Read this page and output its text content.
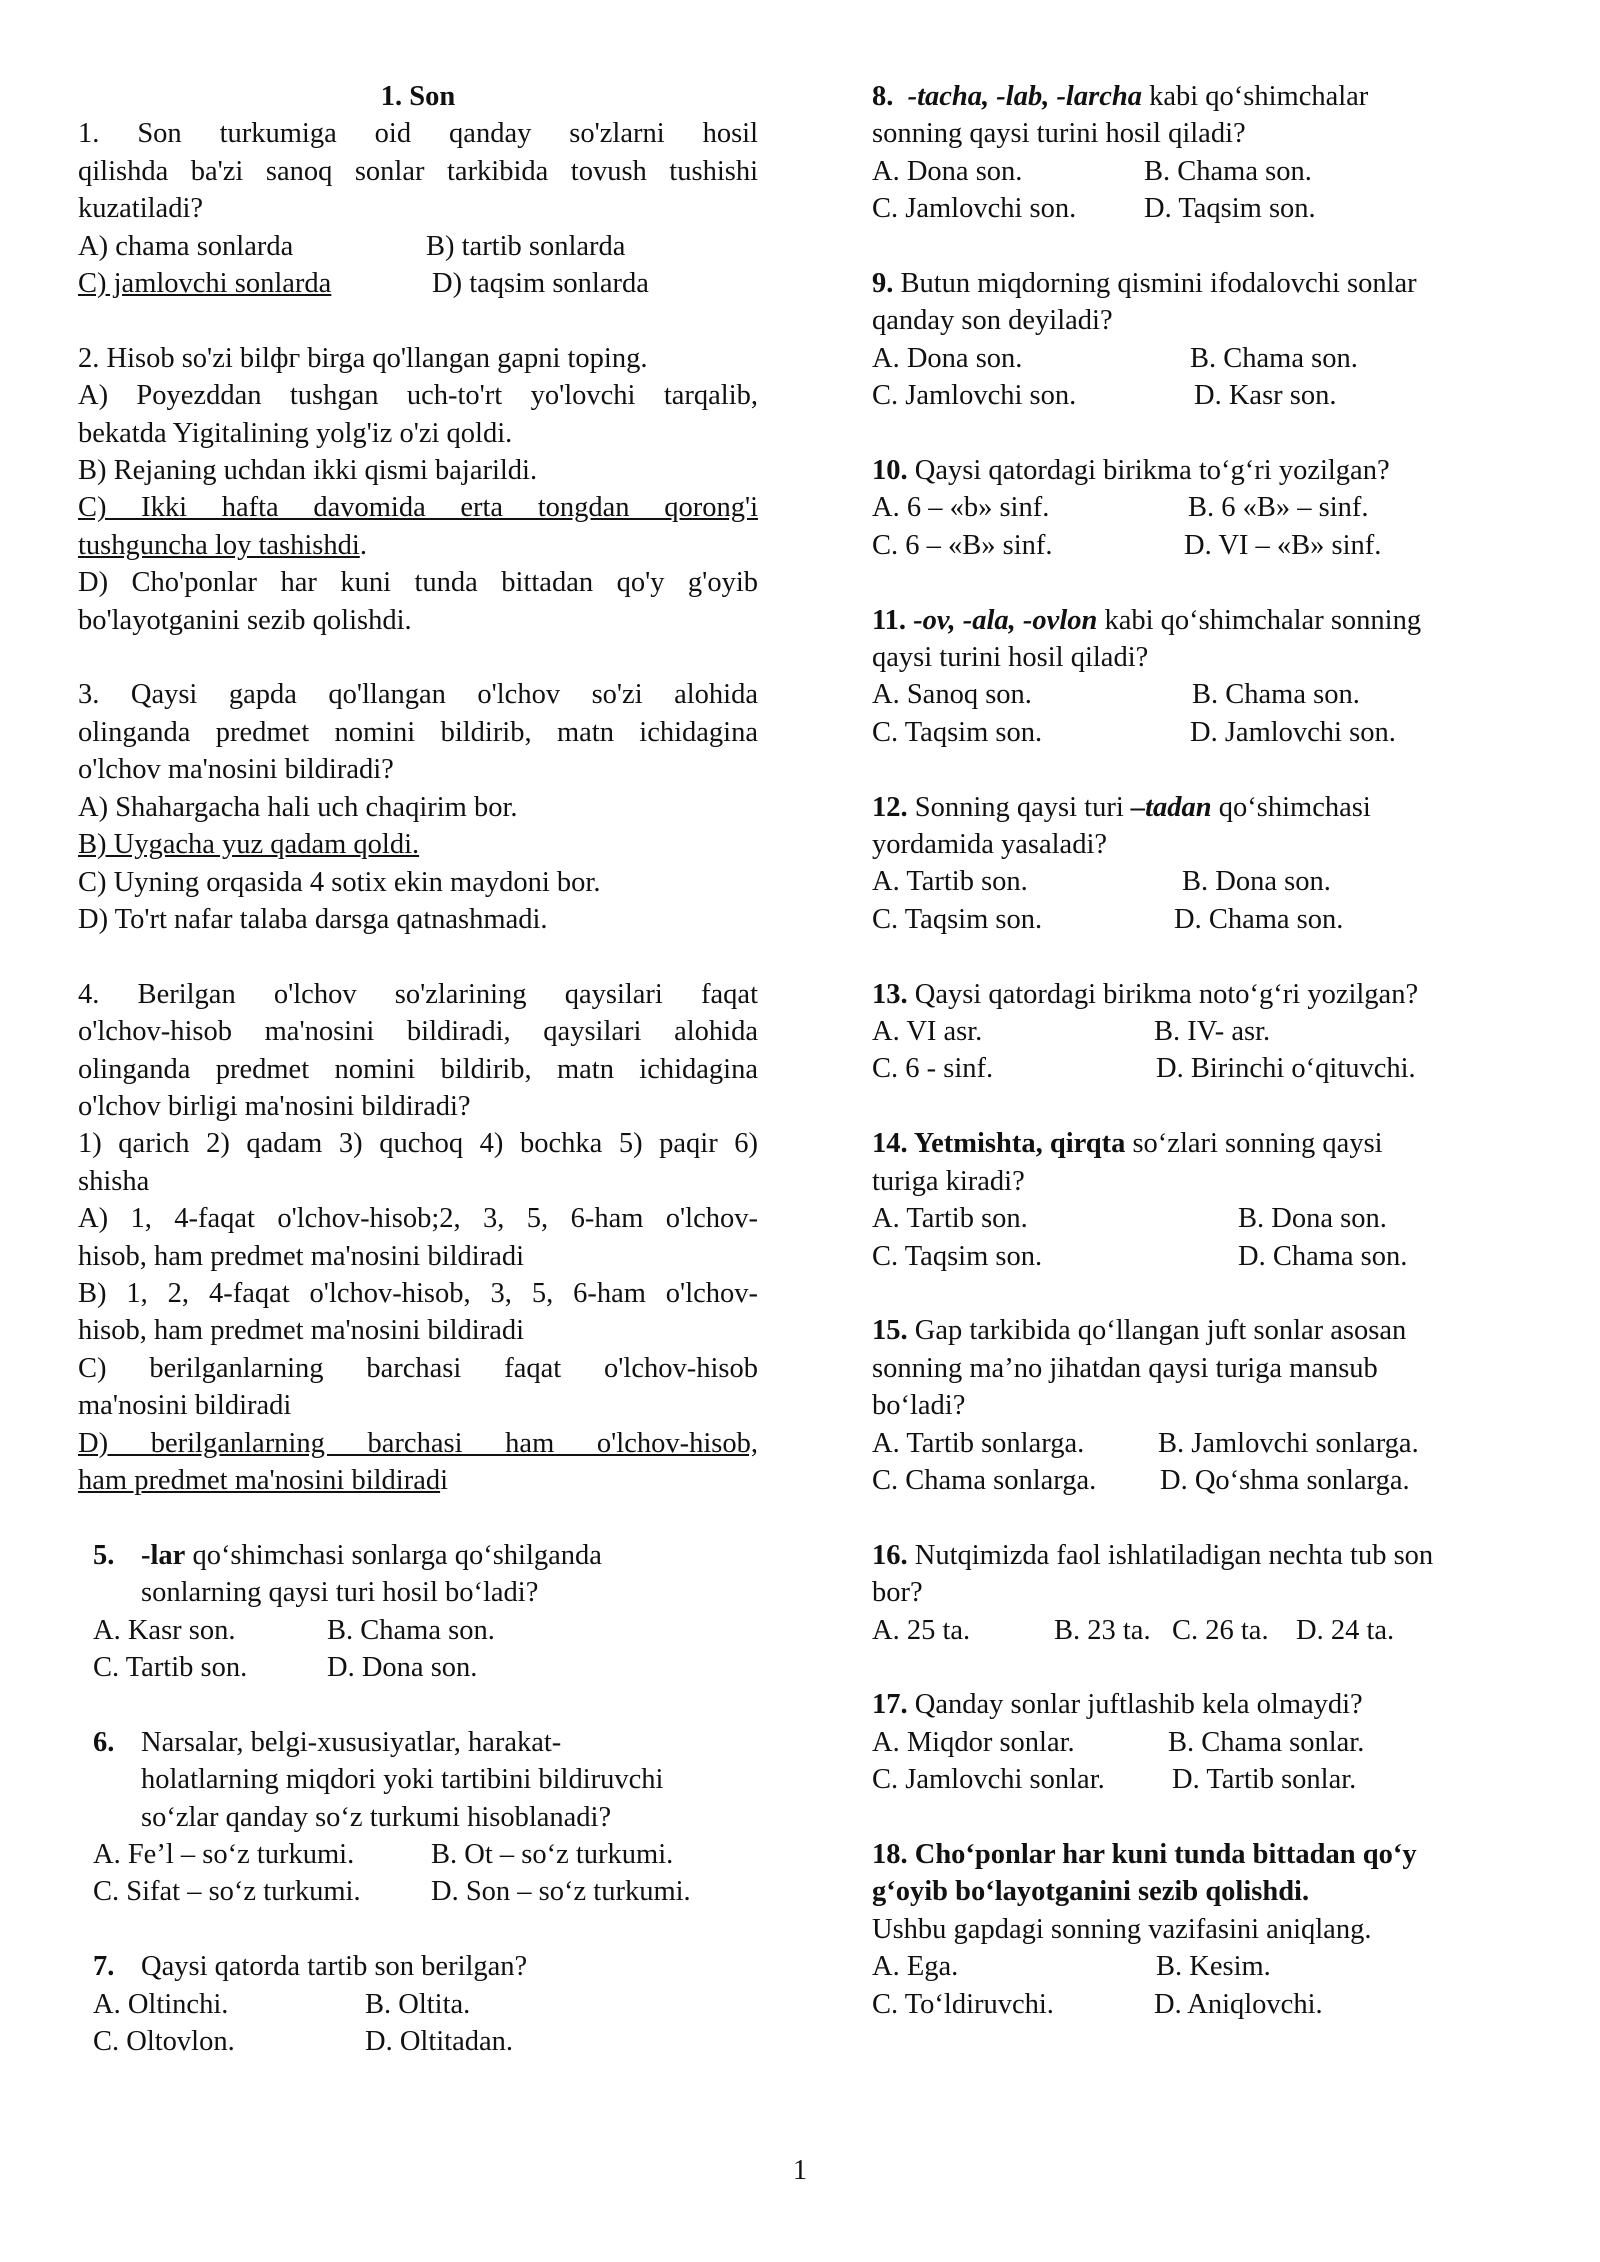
1. Son
1. Son turkumiga oid qanday so'zlarni hosil
qilishda ba'zi sanoq sonlar tarkibida tovush tushishi
kuzatiladi?
A) chama sonlarda	B) tartib sonlarda
C) jamlovchi sonlarda	D) taqsim sonlarda
2. Hisob so'zi bilфг birga qo'llangan gapni toping.
A) Poyezddan tushgan uch-to'rt yo'lovchi tarqalib,
bekatda Yigitalining yolg'iz o'zi qoldi.
B) Rejaning uchdan ikki qismi bajarildi.
C) Ikki hafta davomida erta tongdan qorong'i
tushguncha loy tashishdi.
D) Cho'ponlar har kuni tunda bittadan qo'y g'oyib
bo'layotganini sezib qolishdi.
3. Qaysi gapda qo'llangan o'lchov so'zi alohida
olinganda predmet nomini bildirib, matn ichidagina
o'lchov ma'nosini bildiradi?
A) Shahargacha hali uch chaqirim bor.
B) Uygacha yuz qadam qoldi.
C) Uyning orqasida 4 sotix ekin maydoni bor.
D) To'rt nafar talaba darsga qatnashmadi.
4. Berilgan o'lchov so'zlarining qaysilari faqat
o'lchov-hisob ma'nosini bildiradi, qaysilari alohida
olinganda predmet nomini bildirib, matn ichidagina
o'lchov birligi ma'nosini bildiradi?
1) qarich 2) qadam 3) quchoq 4) bochka 5) paqir 6)
shisha
A) 1, 4-faqat o'lchov-hisob;2, 3, 5, 6-ham o'lchov-
hisob, ham predmet ma'nosini bildiradi
B) 1, 2, 4-faqat o'lchov-hisob, 3, 5, 6-ham o'lchov-
hisob, ham predmet ma'nosini bildiradi
C) berilganlarning barchasi faqat o'lchov-hisob
ma'nosini bildiradi
D) berilganlarning barchasi ham o'lchov-hisob,
ham predmet ma'nosini bildiradi
5. -lar qo‘shimchasi sonlarga qo‘shilganda
sonlarning qaysi turi hosil bo‘ladi?
A. Kasr son.	B. Chama son.
C. Tartib son.	D. Dona son.
6. Narsalar, belgi-xususiyatlar, harakat-
holatlarning miqdori yoki tartibini bildiruvchi
so‘zlar qanday so‘z turkumi hisoblanadi?
A. Fe’l – so‘z turkumi.	B. Ot – so‘z turkumi.
C. Sifat – so‘z turkumi.	D. Son – so‘z turkumi.
7. Qaysi qatorda tartib son berilgan?
A. Oltinchi.	B. Oltita.
C. Oltovlon.	D. Oltitadan.
8. -tacha, -lab, -larcha kabi qo‘shimchalar
sonning qaysi turini hosil qiladi?
A. Dona son.	B. Chama son.
C. Jamlovchi son.	D. Taqsim son.
9. Butun miqdorning qismini ifodalovchi sonlar
qanday son deyiladi?
A. Dona son.	B. Chama son.
C. Jamlovchi son.	D. Kasr son.
10. Qaysi qatordagi birikma to‘g‘ri yozilgan?
A. 6 – «b» sinf.	B. 6 «B» – sinf.
C. 6 – «B» sinf.	D. VI – «B» sinf.
11. -ov, -ala, -ovlon kabi qo‘shimchalar sonning
qaysi turini hosil qiladi?
A. Sanoq son.	B. Chama son.
C. Taqsim son.	D. Jamlovchi son.
12. Sonning qaysi turi –tadan qo‘shimchasi
yordamida yasaladi?
A. Tartib son.	B. Dona son.
C. Taqsim son.	D. Chama son.
13. Qaysi qatordagi birikma noto‘g‘ri yozilgan?
A. VI asr.	B. IV- asr.
C. 6 - sinf.	D. Birinchi o‘qituvchi.
14. Yetmishta, qirqta so‘zlari sonning qaysi
turiga kiradi?
A. Tartib son.	B. Dona son.
C. Taqsim son.	D. Chama son.
15. Gap tarkibida qo‘llangan juft sonlar asosan
sonning ma’no jihatdan qaysi turiga mansub
bo‘ladi?
A. Tartib sonlarga.	B. Jamlovchi sonlarga.
C. Chama sonlarga.	D. Qo‘shma sonlarga.
16. Nutqimizda faol ishlatiladigan nechta tub son
bor?
A. 25 ta.	B. 23 ta. C. 26 ta. D. 24 ta.
17. Qanday sonlar juftlashib kela olmaydi?
A. Miqdor sonlar.	B. Chama sonlar.
C. Jamlovchi sonlar.	D. Tartib sonlar.
18. Cho‘ponlar har kuni tunda bittadan qo‘y
g‘oyib bo‘layotganini sezib qolishdi.
Ushbu gapdagi sonning vazifasini aniqlang.
A. Ega.	B. Kesim.
C. To‘ldiruvchi.	D. Aniqlovchi.
1
